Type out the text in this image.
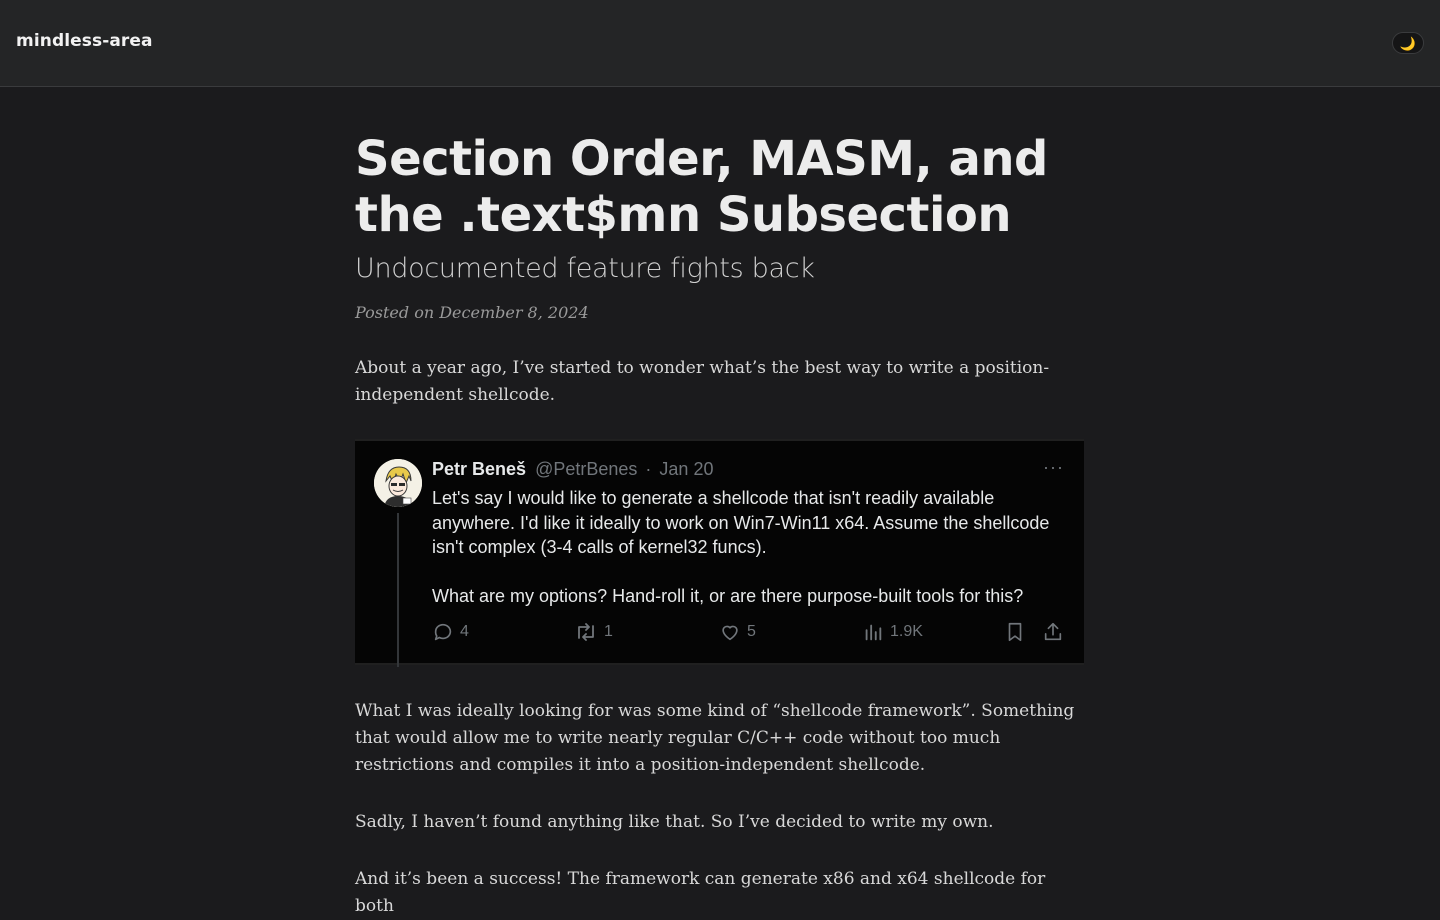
mindless-area	🌙
Section Order, MASM, and the .text$mn Subsection
Undocumented feature fights back
Posted on December 8, 2024

About a year ago, I’ve started to wonder what’s the best way to write a position-independent shellcode.

Petr Beneš @PetrBenes · Jan 20	···

Let's say I would like to generate a shellcode that isn't readily available anywhere. I'd like it ideally to work on Win7-Win11 x64. Assume the shellcode isn't complex (3-4 calls of kernel32 funcs).

What are my options? Hand-roll it, or are there purpose-built tools for this?

4	1	5	1.9K

What I was ideally looking for was some kind of “shellcode framework”. Something that would allow me to write nearly regular C/C++ code without too much restrictions and compiles it into a position-independent shellcode.

Sadly, I haven’t found anything like that. So I’ve decided to write my own.

And it’s been a success! The framework can generate x86 and x64 shellcode for both
